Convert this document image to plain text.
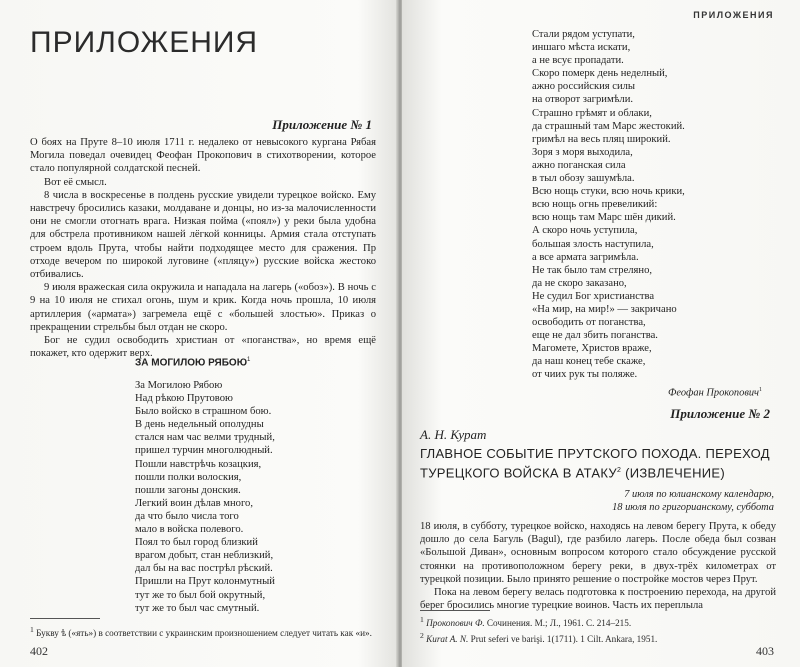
ПРИЛОЖЕНИЯ
Приложение № 1

О боях на Пруте 8–10 июля 1711 г. недалеко от невысокого кургана Рябая Могила поведал очевидец Феофан Прокопович в стихотворении, которое стало популярной солдатской песней.

Вот её смысл.

8 числа в воскресенье в полдень русские увидели турецкое войско. Ему навстречу бросились казаки, молдаване и донцы, но из-за малочисленности они не смогли отогнать врага. Низкая пойма («поял») у реки была удобна для обстрела противником нашей лёгкой конницы. Армия стала отступать строем вдоль Прута, чтобы найти подходящее место для сражения. Пр отходе вечером по широкой луговине («пляцу») русские войска жестоко отбивались.

9 июля вражеская сила окружила и нападала на лагерь («обоз»). В ночь с 9 на 10 июля не стихал огонь, шум и крик. Когда ночь прошла, 10 июля артиллерия («армата») загремела ещё с «большей злостью». Приказ о прекращении стрельбы был отдан не скоро.

Бог не судил освободить христиан от «поганства», но время ещё покажет, кто одержит верх.

ЗА МОГИЛОЮ РЯБОЮ$^1$
За Могилою Рябою
Над рѣкою Прутовою
Было войско в страшном бою.
В день недельный ополудны
стался нам час велми трудный,
пришел турчин многолюдный.
Пошли навстрѣчь козацкия,
пошли полки волоския,
пошли загоны донския.
Легкий воин дѣлав много,
да что было числа того
мало в войска полевого.
Поял то был город близкий
врагом добыт, стан неблизкий,
дал бы на вас пострѣл рѣский.
Пришли на Прут колонмутный
тут же то был бой окрутный,
тут же то был час смутный.
$^1$ Букву ѣ («ять») в соответствии с украинским произношением следует читать как «и».
402
ПРИЛОЖЕНИЯ
Стали рядом уступати,
иншаго мѣста искати,
а не всує пропадати.
Скоро померк день неделный,
ажно российския силы
на отворот загримѣли.
Страшно грѣмят и облаки,
да страшный там Марс жестокий.
гримѣл на весь пляц широкий.
Зоря з моря выходила,
ажно поганская сила
в тыл обозу зашумѣла.
Всю нощь стуки, всю ночь крики,
всю нощь огнь превеликий:
всю нощь там Марс шён дикий.
А скоро ночь уступила,
большая злость наступила,
а всe армата загримѣла.
Не так было там стреляно,
да не скоро заказано,
Не судил Бог христианства
«На мир, на мир!» — закричано
освободить от поганства,
еще не дал збить поганства.
Магомете, Христов враже,
да наш конец тебе скаже,
от чиих рук ты поляже.
Феофан Прокопович$^1$
Приложение № 2
А. Н. Курат
ГЛАВНОЕ СОБЫТИЕ ПРУТСКОГО ПОХОДА. ПЕРЕХОД
ТУРЕЦКОГО ВОЙСКА В АТАКУ$^2$ (ИЗВЛЕЧЕНИЕ)
7 июля по юлианскому календарю,
18 июля по григорианскому, суббота

18 июля, в субботу, турецкое войско, находясь на левом берегу Прута, к обеду дошло до села Багуль (Bagul), где разбило лагерь. После обеда был созван «Большой Диван», основным вопросом которого стало обсуждение русской стоянки на противоположном берегу реки, в двух-трёх километрах от турецкой позиции. Было принято решение о постройке мостов через Прут.

Пока на левом берегу велась подготовка к построению перехода, на другой берег бросились многие турецкие воинов. Часть их переплыла

$^1$ Прокопович Ф. Сочинения. М.; Л., 1961. С. 214–215.
$^2$ Kurat A. N. Prut seferi ve barişi. 1(1711). 1 Cilt. Ankara, 1951.
403
